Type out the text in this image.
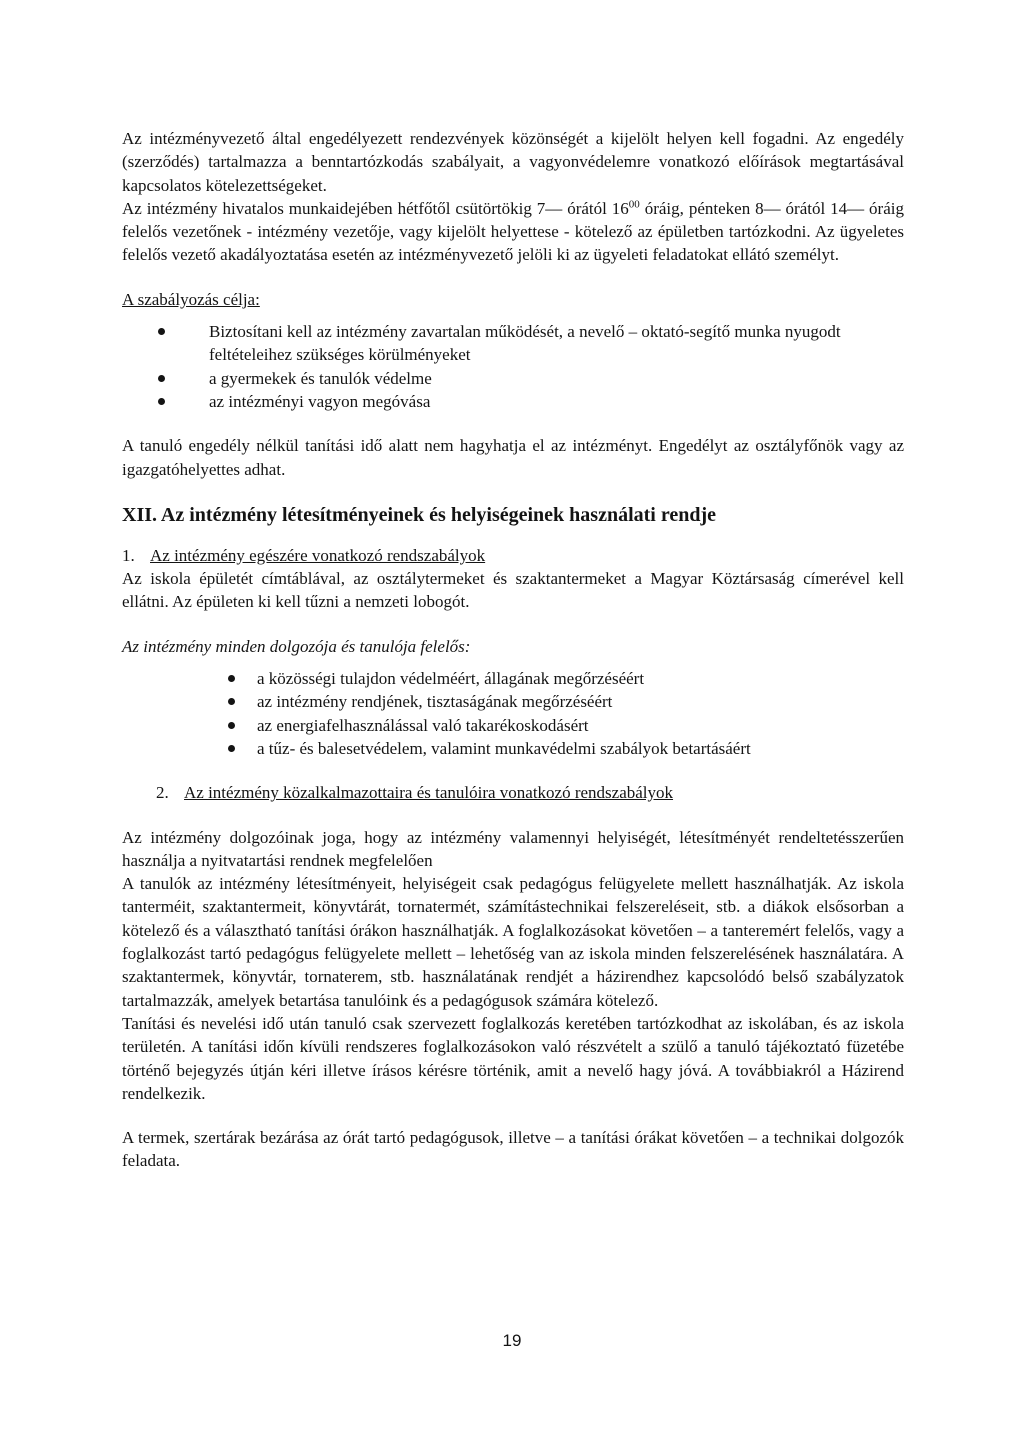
Az intézményvezető által engedélyezett rendezvények közönségét a kijelölt helyen kell fogadni. Az engedély (szerződés) tartalmazza a benntartózkodás szabályait, a vagyonvédelemre vonatkozó előírások megtartásával kapcsolatos kötelezettségeket.

Az intézmény hivatalos munkaidejében hétfőtől csütörtökig 7— órától $16^{00}$ óráig, pénteken 8— órától 14— óráig felelős vezetőnek - intézmény vezetője, vagy kijelölt helyettese - kötelező az épületben tartózkodni. Az ügyeletes felelős vezető akadályoztatása esetén az intézményvezető jelöli ki az ügyeleti feladatokat ellátó személyt.

A szabályozás célja:

Biztosítani kell az intézmény zavartalan működését, a nevelő – oktató-segítő munka nyugodt feltételeihez szükséges körülményeket
a gyermekek és tanulók védelme
az intézményi vagyon megóvása

A tanuló engedély nélkül tanítási idő alatt nem hagyhatja el az intézményt. Engedélyt az osztályfőnök vagy az igazgatóhelyettes adhat.

XII. Az intézmény létesítményeinek és helyiségeinek használati rendje

1. Az intézmény egészére vonatkozó rendszabályok

Az iskola épületét címtáblával, az osztálytermeket és szaktantermeket a Magyar Köztársaság címerével kell ellátni. Az épületen ki kell tűzni a nemzeti lobogót.

Az intézmény minden dolgozója és tanulója felelős:

a közösségi tulajdon védelméért, állagának megőrzéséért
az intézmény rendjének, tisztaságának megőrzéséért
az energiafelhasználással való takarékoskodásért
a tűz- és balesetvédelem, valamint munkavédelmi szabályok betartásáért

2. Az intézmény közalkalmazottaira és tanulóira vonatkozó rendszabályok

Az intézmény dolgozóinak joga, hogy az intézmény valamennyi helyiségét, létesítményét rendeltetésszerűen használja a nyitvatartási rendnek megfelelően

A tanulók az intézmény létesítményeit, helyiségeit csak pedagógus felügyelete mellett használhatják. Az iskola tanterméit, szaktantermeit, könyvtárát, tornatermét, számítástechnikai felszereléseit, stb. a diákok elsősorban a kötelező és a választható tanítási órákon használhatják. A foglalkozásokat követően – a tanteremért felelős, vagy a foglalkozást tartó pedagógus felügyelete mellett – lehetőség van az iskola minden felszerelésének használatára. A szaktantermek, könyvtár, tornaterem, stb. használatának rendjét a házirendhez kapcsolódó belső szabályzatok tartalmazzák, amelyek betartása tanulóink és a pedagógusok számára kötelező.

Tanítási és nevelési idő után tanuló csak szervezett foglalkozás keretében tartózkodhat az iskolában, és az iskola területén. A tanítási időn kívüli rendszeres foglalkozásokon való részvételt a szülő a tanuló tájékoztató füzetébe történő bejegyzés útján kéri illetve írásos kérésre történik, amit a nevelő hagy jóvá. A továbbiakról a Házirend rendelkezik.

A termek, szertárak bezárása az órát tartó pedagógusok, illetve – a tanítási órákat követően – a technikai dolgozók feladata.

19
